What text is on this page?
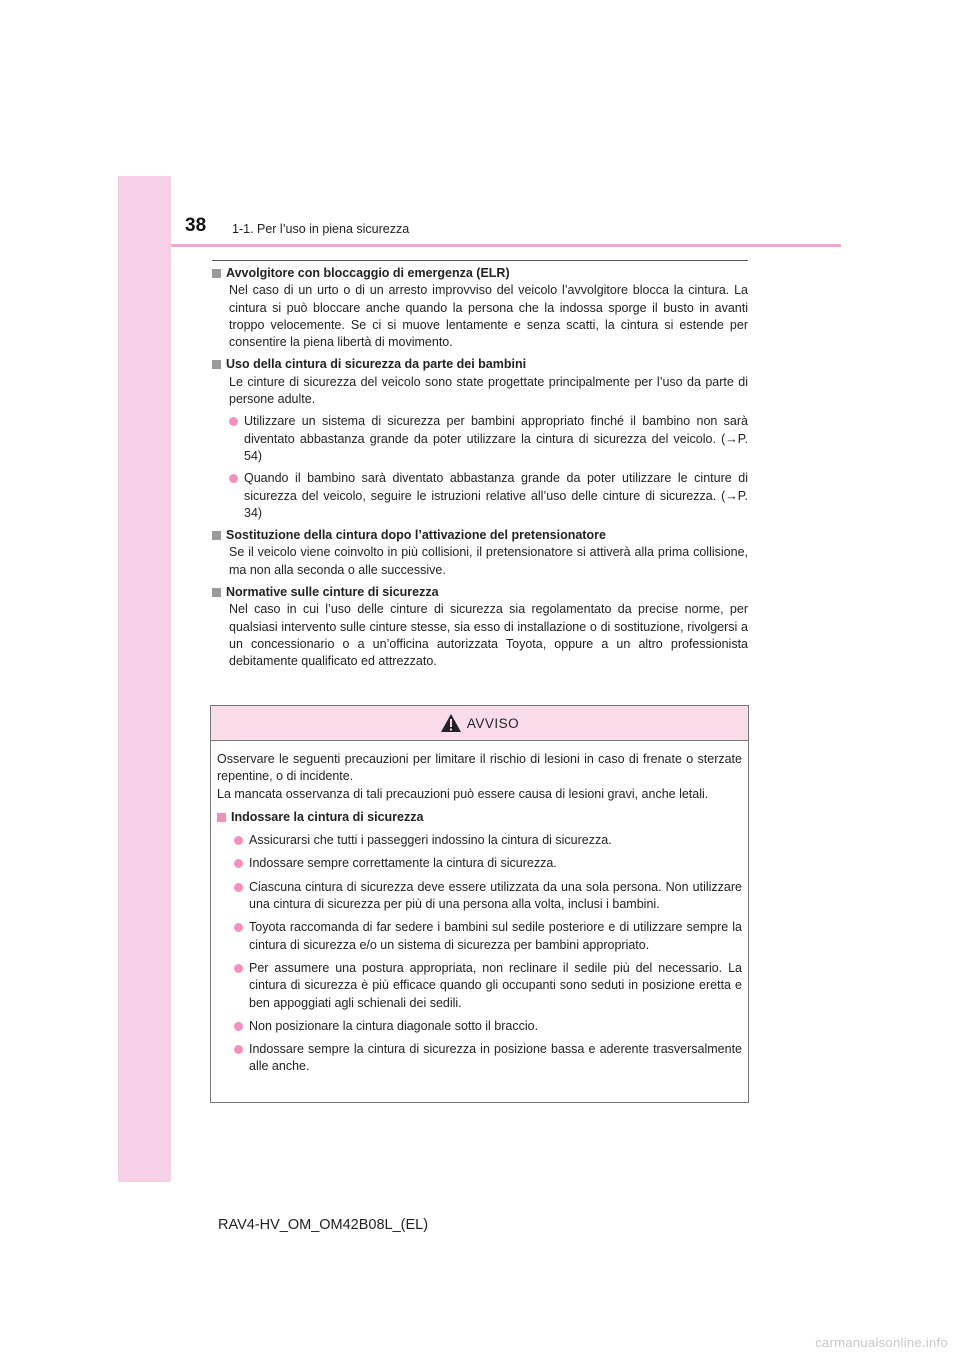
38 1-1. Per l’uso in piena sicurezza
Avvolgitore con bloccaggio di emergenza (ELR)
Nel caso di un urto o di un arresto improvviso del veicolo l’avvolgitore blocca la cintura. La cintura si può bloccare anche quando la persona che la indossa sporge il busto in avanti troppo velocemente. Se ci si muove lentamente e senza scatti, la cintura si estende per consentire la piena libertà di movimento.
Uso della cintura di sicurezza da parte dei bambini
Le cinture di sicurezza del veicolo sono state progettate principalmente per l’uso da parte di persone adulte.
Utilizzare un sistema di sicurezza per bambini appropriato finché il bambino non sarà diventato abbastanza grande da poter utilizzare la cintura di sicurezza del veicolo. (→P. 54)
Quando il bambino sarà diventato abbastanza grande da poter utilizzare le cinture di sicurezza del veicolo, seguire le istruzioni relative all’uso delle cinture di sicurezza. (→P. 34)
Sostituzione della cintura dopo l’attivazione del pretensionatore
Se il veicolo viene coinvolto in più collisioni, il pretensionatore si attiverà alla prima collisione, ma non alla seconda o alle successive.
Normative sulle cinture di sicurezza
Nel caso in cui l’uso delle cinture di sicurezza sia regolamentato da precise norme, per qualsiasi intervento sulle cinture stesse, sia esso di installazione o di sostituzione, rivolgersi a un concessionario o a un’officina autorizzata Toyota, oppure a un altro professionista debitamente qualificato ed attrezzato.
AVVISO
Osservare le seguenti precauzioni per limitare il rischio di lesioni in caso di frenate o sterzate repentine, o di incidente.
La mancata osservanza di tali precauzioni può essere causa di lesioni gravi, anche letali.
Indossare la cintura di sicurezza
Assicurarsi che tutti i passeggeri indossino la cintura di sicurezza.
Indossare sempre correttamente la cintura di sicurezza.
Ciascuna cintura di sicurezza deve essere utilizzata da una sola persona. Non utilizzare una cintura di sicurezza per più di una persona alla volta, inclusi i bambini.
Toyota raccomanda di far sedere i bambini sul sedile posteriore e di utilizzare sempre la cintura di sicurezza e/o un sistema di sicurezza per bambini appropriato.
Per assumere una postura appropriata, non reclinare il sedile più del necessario. La cintura di sicurezza è più efficace quando gli occupanti sono seduti in posizione eretta e ben appoggiati agli schienali dei sedili.
Non posizionare la cintura diagonale sotto il braccio.
Indossare sempre la cintura di sicurezza in posizione bassa e aderente trasversalmente alle anche.
RAV4-HV_OM_OM42B08L_(EL)
carmanualsonline.info
